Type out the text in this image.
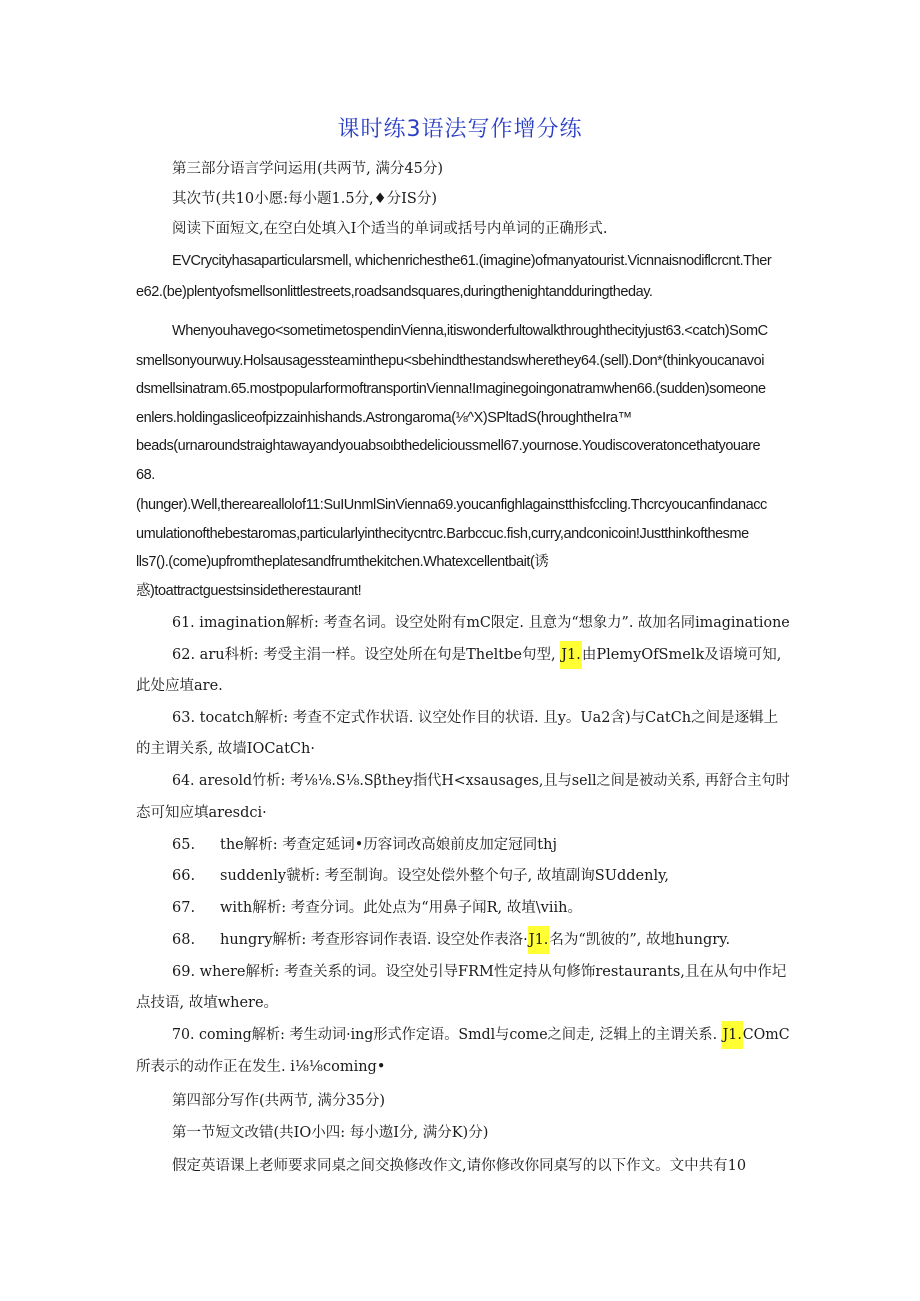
课时练3语法写作增分练
第三部分语言学问运用(共两节, 满分45分)
其次节(共10小愿:每小题1.5分,♦分IS分)
阅读下面短文,在空白处填入I个适当的单词或括号内单词的正确形式.
EVCrycityhasaparticularsmell, whichenrichesthe61.(imagine)ofmanyatourist.Vicnnaisnodiflcrcnt.Ther
e62.(be)plentyofsmellsonlittlestreets,roadsandsquares,duringthenightandduringtheday.
Whenyouhavego<sometimetospendinVienna,itiswonderfultowalkthroughthecityjust63.<catch)SomC
smellsonyourwuy.Holsausagessteaminthepu<sbehindthestandswherethey64.(sell).Don*(thinkyoucanavoi
dsmellsinatram.65.mostpopularformoftransportinVienna!Imaginegoingonatramwhen66.(sudden)someone
enlers.holdingasliceofpizzainhishands.Astrongaroma(⅛^X)SPltadS(hroughtheIra™
beads(urnaroundstraightawayandyouabsoιbthedelicioussmell67.yournose.Youdiscoveratoncethatyouare
68.
(hunger).Well,thereareallolof11:SuIUnmlSinVienna69.youcanfighlagainstthisfccling.Thcrcyoucanfindanacc
umulationofthebestaromas,particularlyinthecitycntrc.Barbccuc.fish,curry,andconicoin!Justthinkofthesme
lls7().(come)upfromtheplatesandfrumthekitchen.Whatexcellentbait(诱
惑)toattractguestsinsidetherestaurant!
61. imagination解析: 考查名词。设空处附有mC限定. 且意为“想象力”. 故加名同imaginatione
62. aru科析: 考受主涓一样。设空处所在句是Theltbe句型, J1.由PlemyOfSmelk及语境可知,
此处应埴are.
63. tocatch解析: 考查不定式作状语. 议空处作目的状语. 且y。Ua2含)与CatCh之间是逐辑上
的主谓关系, 故墙IOCatCh·
64. aresold竹析: 考⅛⅛.S⅛.Sβthey指代H<xsausages,且与sell之间是被动关系, 再舒合主句时
态可知应填aresdci·
65. the解析: 考查定延词•历容词改高娘前皮加定冠同thj
66. suddenly虢析: 考至制询。设空处偿外整个句子, 故埴副询SUddenly,
67. with解析: 考查分词。此处点为“用鼻子闻R, 故埴\viih。
68. hungry解析: 考查形容词作表语. 设空处作表洛·J1.名为“凯彼的”, 故地hungry.
69. where解析: 考查关系的词。设空处引导FRM性定持从句修饰restaurants,且在从句中作圮
点技语, 故埴where。
70. coming解析: 考生动词·ing形式作定语。Smdl与come之间走, 泛辑上的主谓关系. J1.COmC
所表示的动作正在发生. i⅛⅛coming•
第四部分写作(共两节, 满分35分)
第一节短文改错(共IO小四: 每小遨I分, 满分K)分)
假定英语课上老师要求同桌之间交换修改作文,请你修改你同桌写的以下作文。文中共有10
